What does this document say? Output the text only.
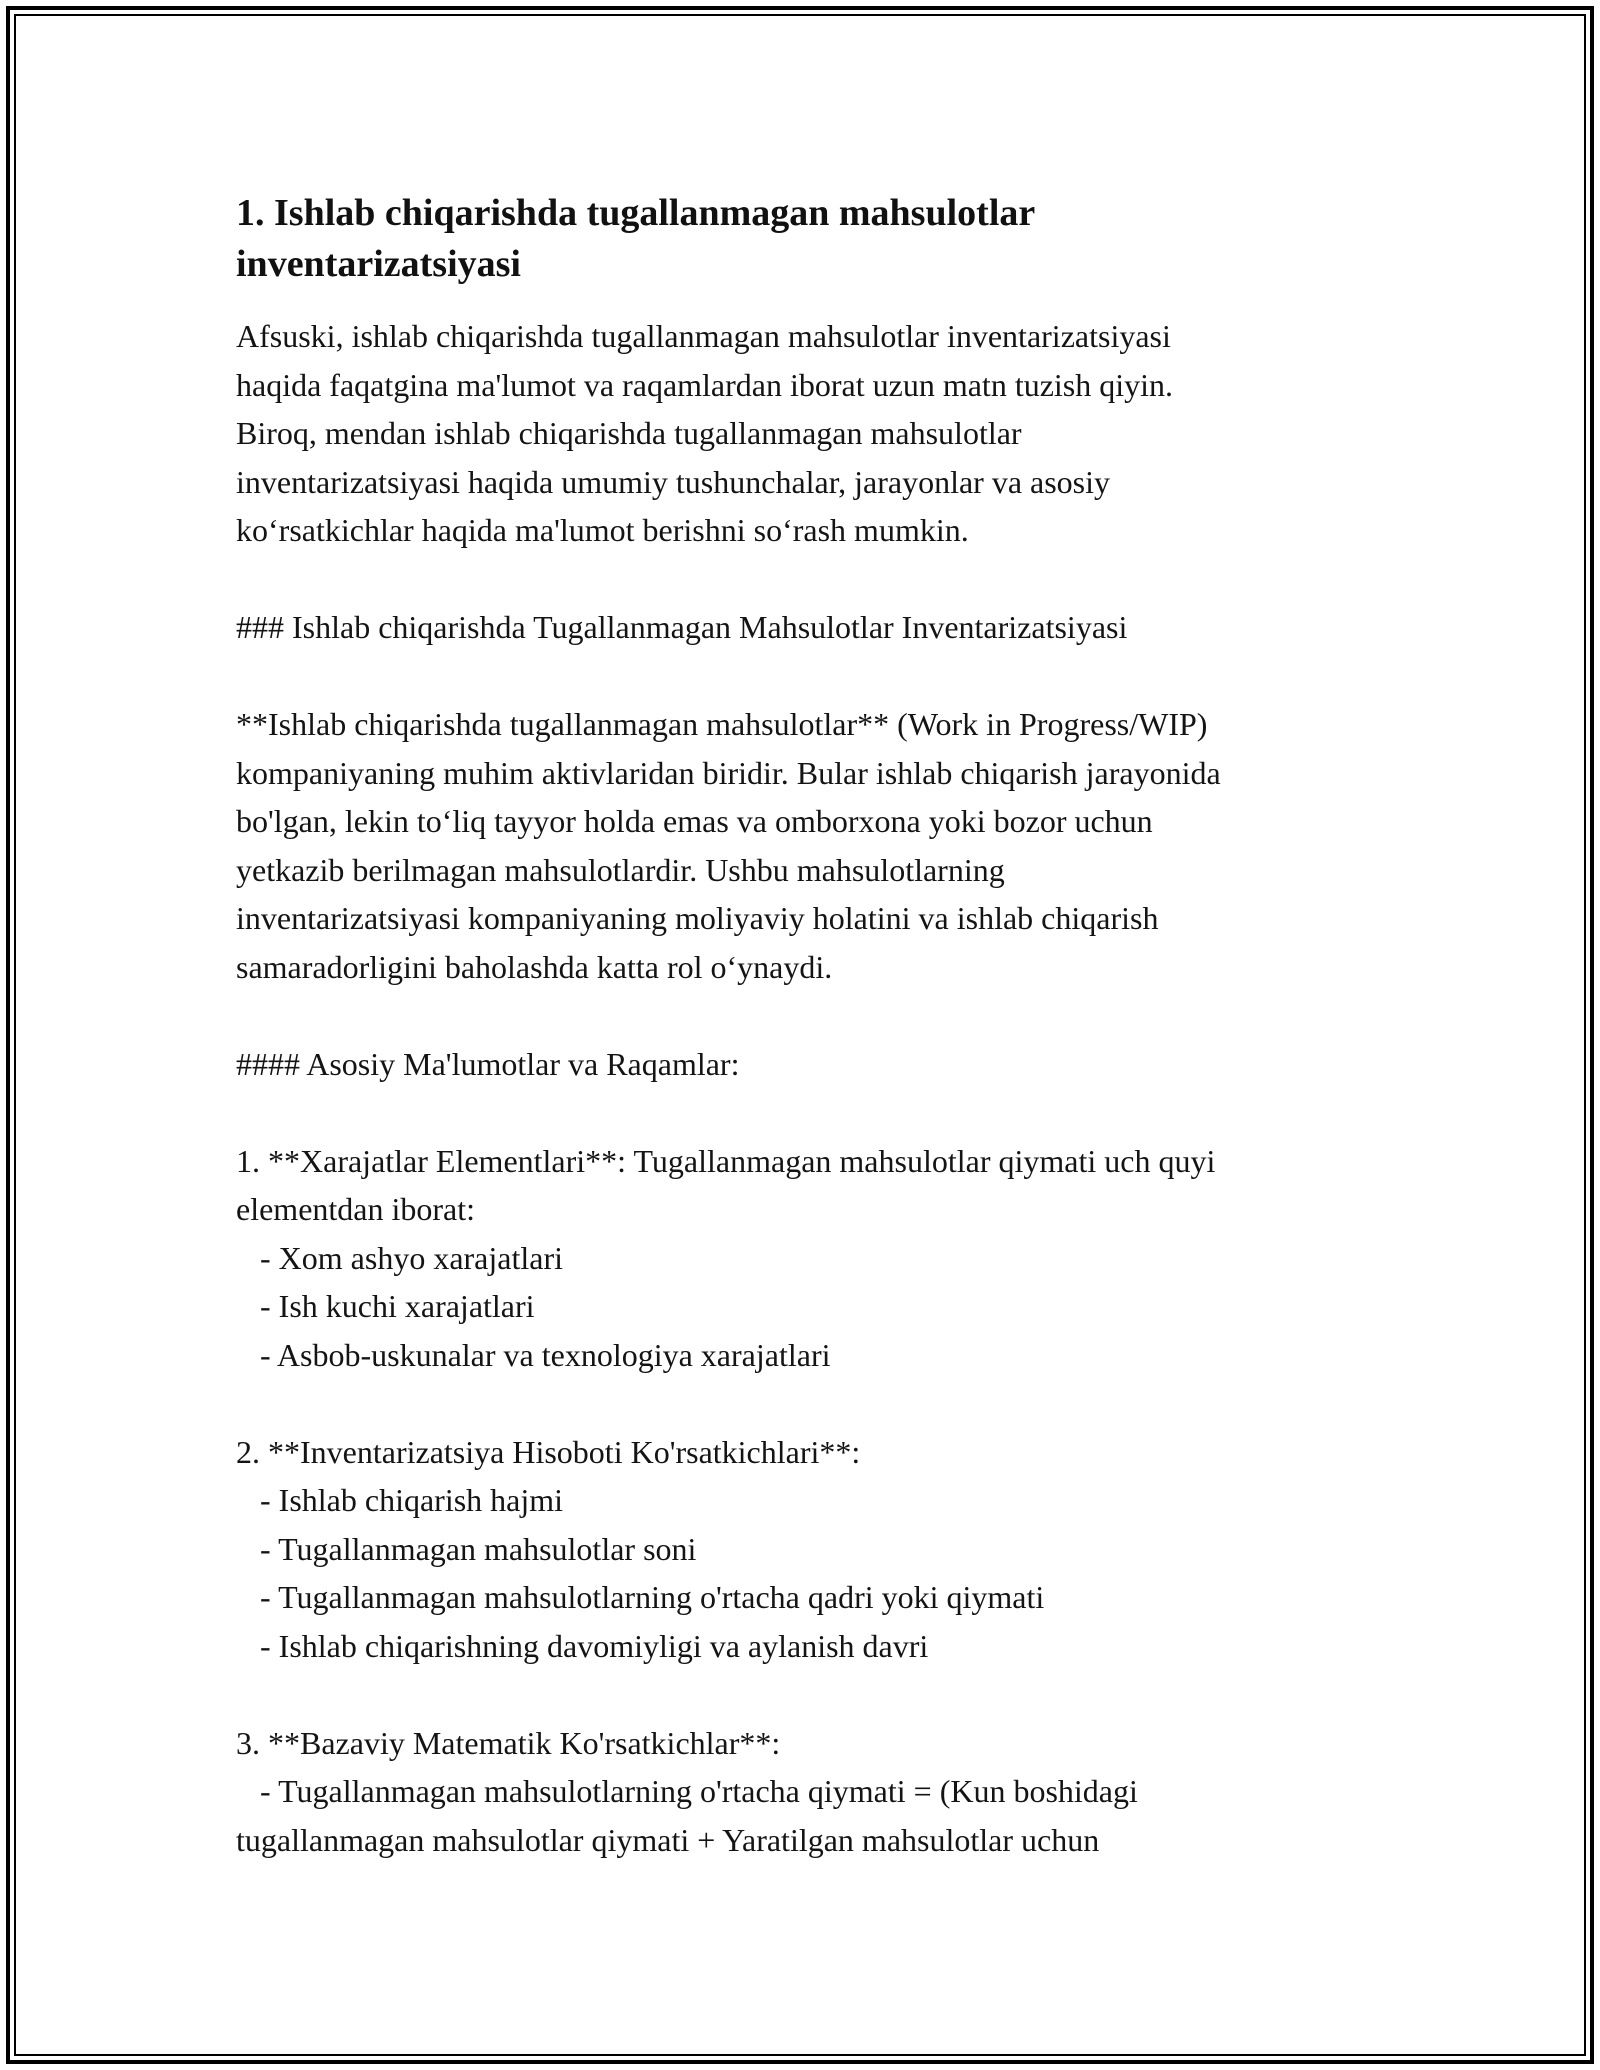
1. Ishlab chiqarishda tugallanmagan mahsulotlar
inventarizatsiyasi

Afsuski, ishlab chiqarishda tugallanmagan mahsulotlar inventarizatsiyasi
haqida faqatgina ma'lumot va raqamlardan iborat uzun matn tuzish qiyin.
Biroq, mendan ishlab chiqarishda tugallanmagan mahsulotlar
inventarizatsiyasi haqida umumiy tushunchalar, jarayonlar va asosiy
koʻrsatkichlar haqida ma'lumot berishni soʻrash mumkin.

### Ishlab chiqarishda Tugallanmagan Mahsulotlar Inventarizatsiyasi

**Ishlab chiqarishda tugallanmagan mahsulotlar** (Work in Progress/WIP)
kompaniyaning muhim aktivlaridan biridir. Bular ishlab chiqarish jarayonida
bo'lgan, lekin toʻliq tayyor holda emas va omborxona yoki bozor uchun
yetkazib berilmagan mahsulotlardir. Ushbu mahsulotlarning
inventarizatsiyasi kompaniyaning moliyaviy holatini va ishlab chiqarish
samaradorligini baholashda katta rol oʻynaydi.

#### Asosiy Ma'lumotlar va Raqamlar:

1. **Xarajatlar Elementlari**: Tugallanmagan mahsulotlar qiymati uch quyi
elementdan iborat:
- Xom ashyo xarajatlari
- Ish kuchi xarajatlari
- Asbob-uskunalar va texnologiya xarajatlari

2. **Inventarizatsiya Hisoboti Ko'rsatkichlari**:
- Ishlab chiqarish hajmi
- Tugallanmagan mahsulotlar soni
- Tugallanmagan mahsulotlarning o'rtacha qadri yoki qiymati
- Ishlab chiqarishning davomiyligi va aylanish davri

3. **Bazaviy Matematik Ko'rsatkichlar**:
- Tugallanmagan mahsulotlarning o'rtacha qiymati = (Kun boshidagi
tugallanmagan mahsulotlar qiymati + Yaratilgan mahsulotlar uchun
